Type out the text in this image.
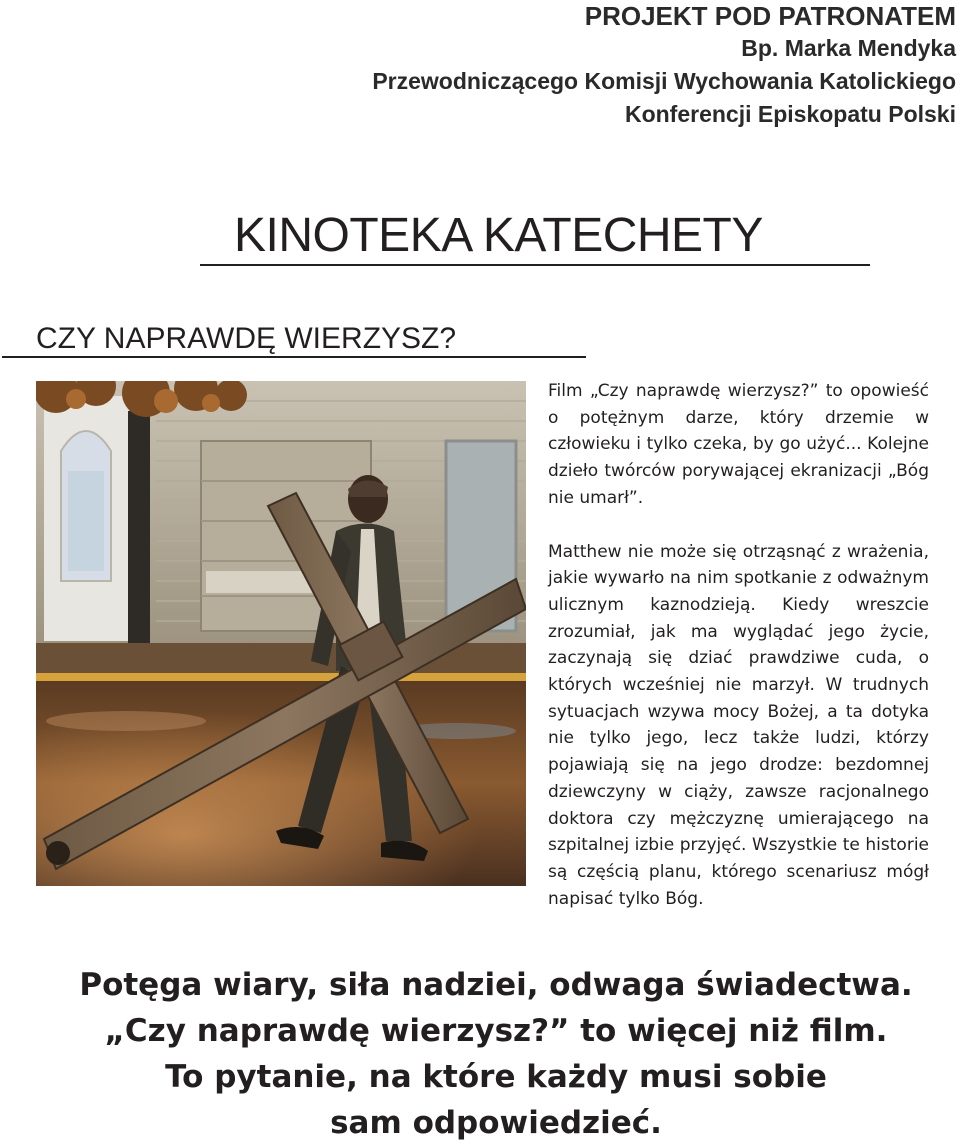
PROJEKT POD PATRONATEM
Bp. Marka Mendyka
Przewodniczącego Komisji Wychowania Katolickiego
Konferencji Episkopatu Polski
KINOTEKA KATECHETY
CZY NAPRAWDĘ WIERZYSZ?

Film „Czy naprawdę wierzysz?” to opowieść o potężnym darze, który drzemie w człowieku i tylko czeka, by go użyć... Kolejne dzieło twórców porywającej ekranizacji „Bóg nie umarł”.

Matthew nie może się otrząsnąć z wrażenia, jakie wywarło na nim spotkanie z odważnym ulicznym kaznodzieją. Kiedy wreszcie zrozumiał, jak ma wyglądać jego życie, zaczynają się dziać prawdziwe cuda, o których wcześniej nie marzył. W trudnych sytuacjach wzywa mocy Bożej, a ta dotyka nie tylko jego, lecz także ludzi, którzy pojawiają się na jego drodze: bezdomnej dziewczyny w ciąży, zawsze racjonalnego doktora czy mężczyznę umierającego na szpitalnej izbie przyjęć. Wszystkie te historie są częścią planu, którego scenariusz mógł napisać tylko Bóg.

Potęga wiary, siła nadziei, odwaga świadectwa.
„Czy naprawdę wierzysz?” to więcej niż film.
To pytanie, na które każdy musi sobie
sam odpowiedzieć.
